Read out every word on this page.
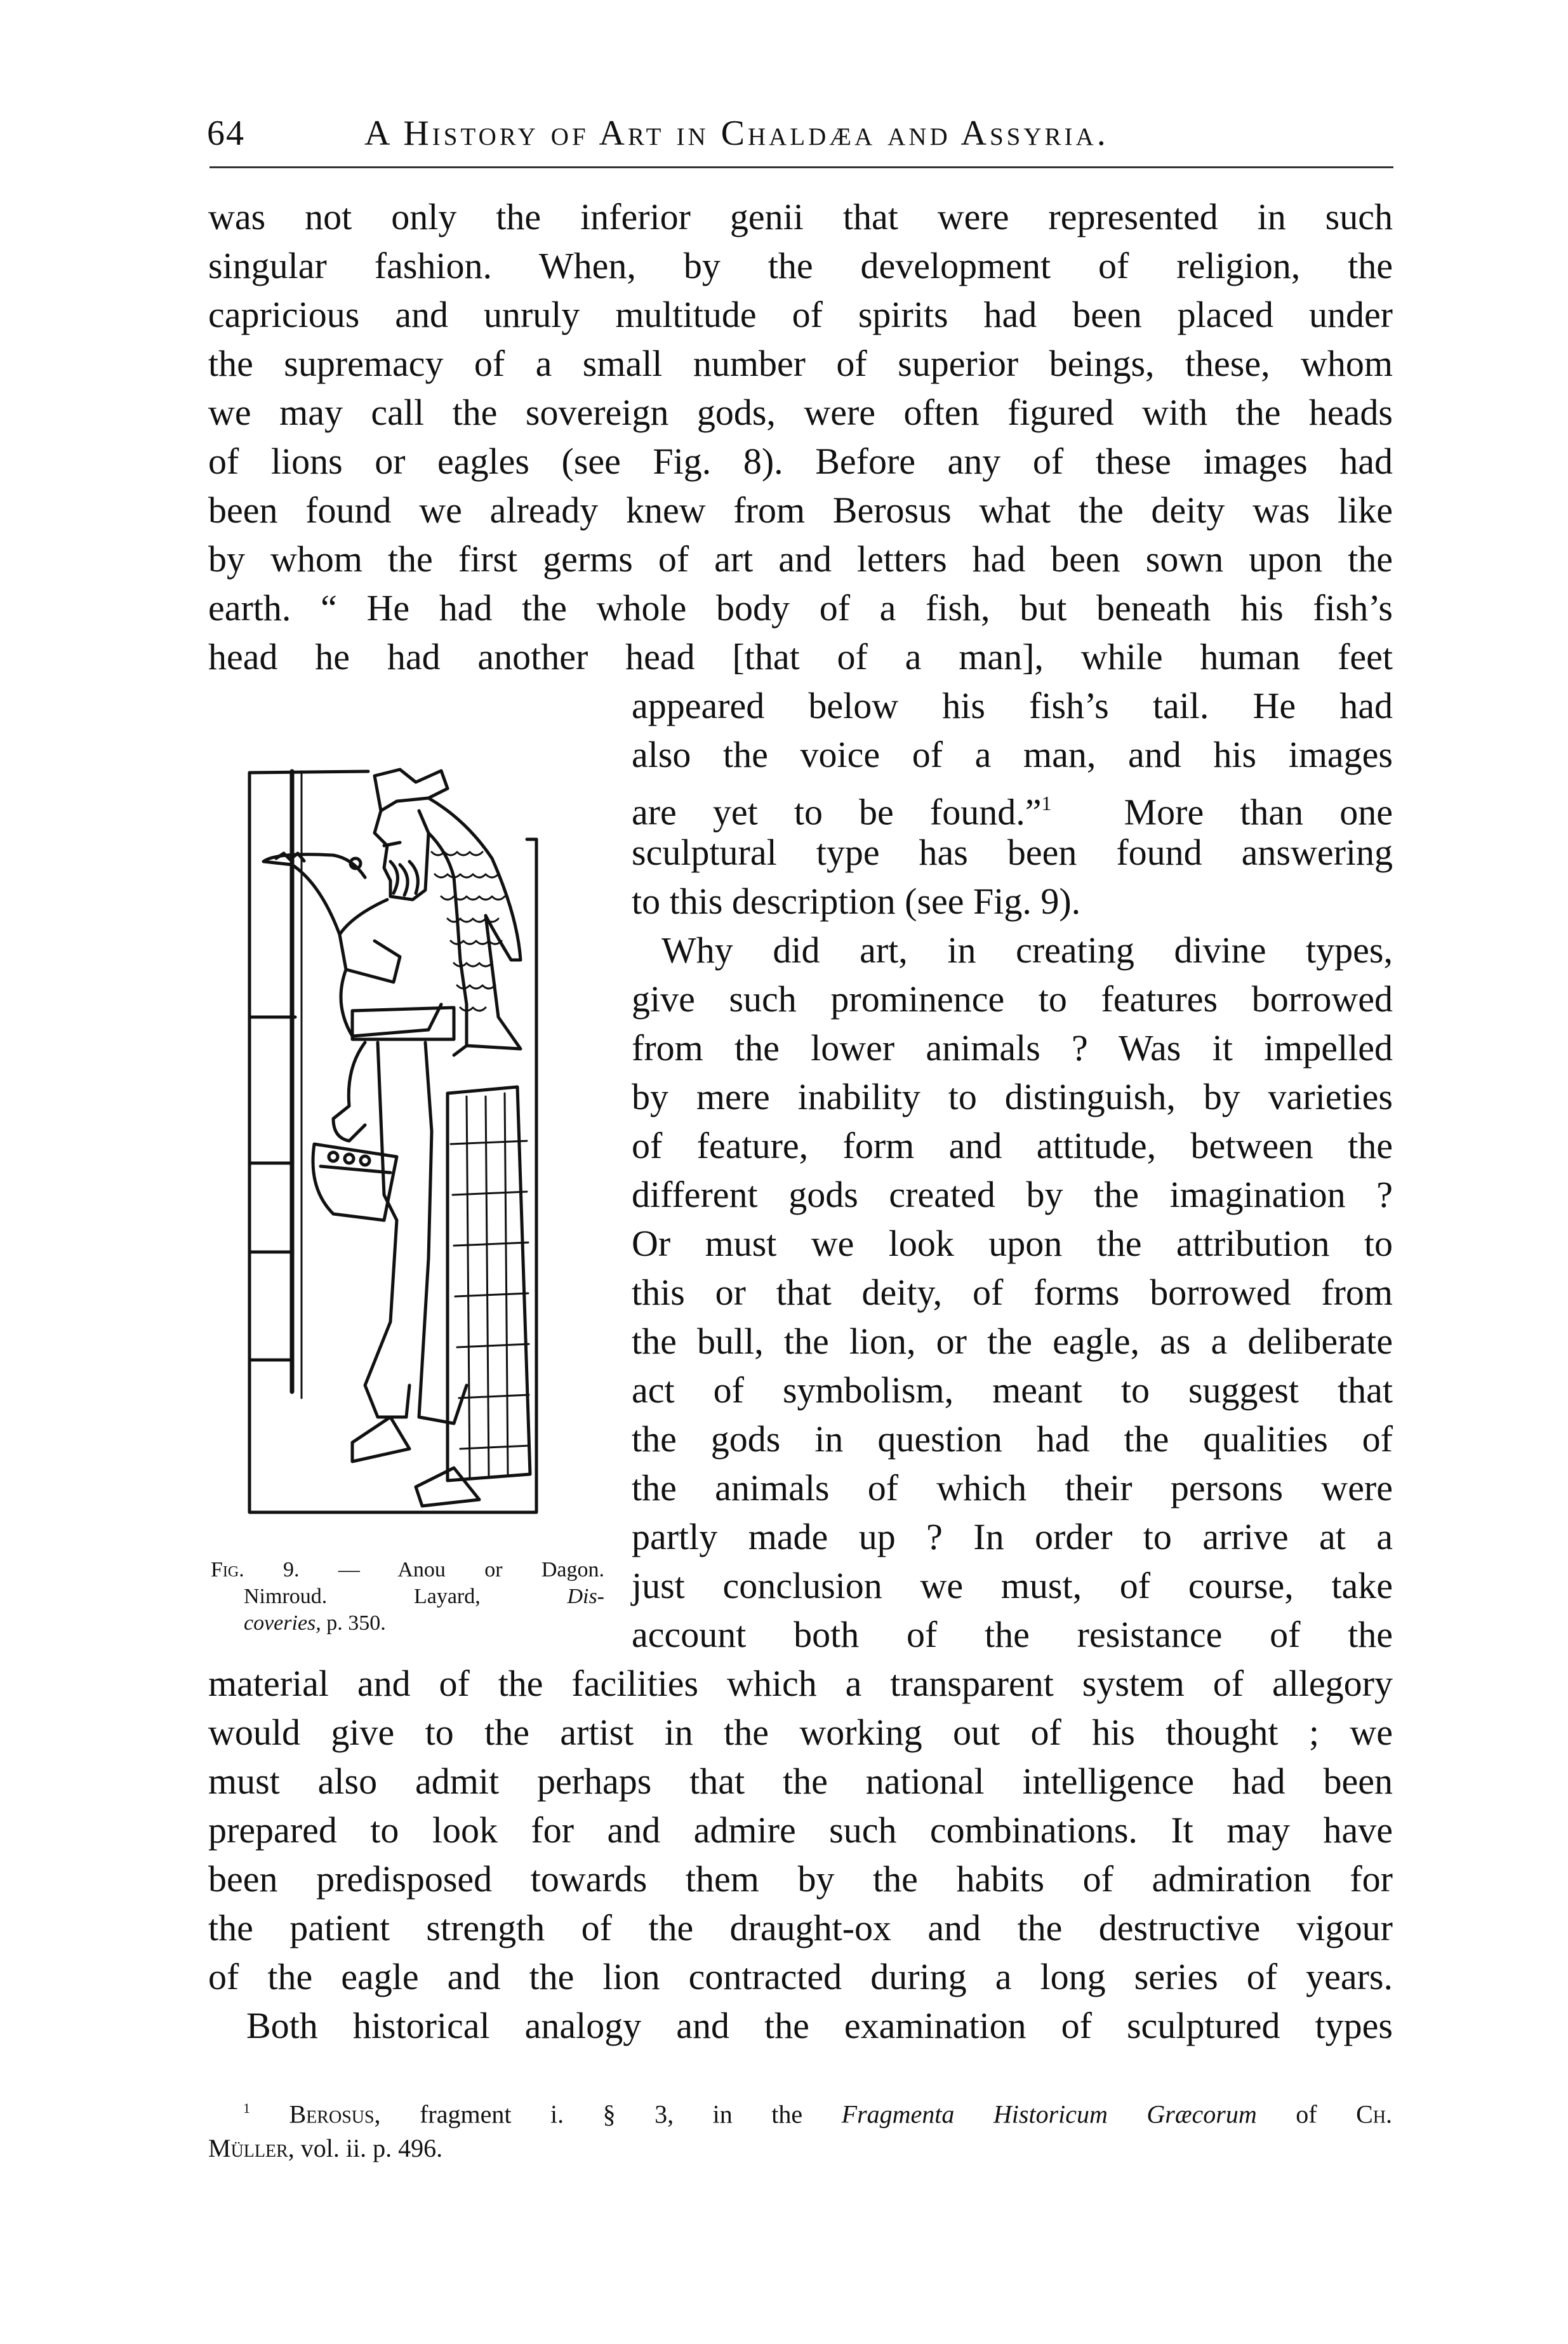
64	A History of Art in Chaldæa and Assyria.
was not only the inferior genii that were represented in such
singular fashion. When, by the development of religion, the
capricious and unruly multitude of spirits had been placed under
the supremacy of a small number of superior beings, these, whom
we may call the sovereign gods, were often figured with the heads
of lions or eagles (see Fig. 8). Before any of these images had
been found we already knew from Berosus what the deity was like
by whom the first germs of art and letters had been sown upon the
earth. “ He had the whole body of a fish, but beneath his fish’s
head he had another head [that of a man], while human feet
appeared below his fish’s tail. He had
also the voice of a man, and his images
are yet to be found.”$^1$ More than one
sculptural type has been found answering
to this description (see Fig. 9).
Why did art, in creating divine types,
give such prominence to features borrowed
from the lower animals ? Was it impelled
by mere inability to distinguish, by varieties
of feature, form and attitude, between the
different gods created by the imagination ?
Or must we look upon the attribution to
this or that deity, of forms borrowed from
the bull, the lion, or the eagle, as a deliberate
act of symbolism, meant to suggest that
the gods in question had the qualities of
the animals of which their persons were
partly made up ? In order to arrive at a
just conclusion we must, of course, take
account both of the resistance of the
Fig. 9. — Anou or Dagon.
Nimroud.	Layard,	Dis-
coveries, p. 350.
material and of the facilities which a transparent system of allegory
would give to the artist in the working out of his thought ; we
must also admit perhaps that the national intelligence had been
prepared to look for and admire such combinations. It may have
been predisposed towards them by the habits of admiration for
the patient strength of the draught-ox and the destructive vigour
of the eagle and the lion contracted during a long series of years.
Both historical analogy and the examination of sculptured types
$^1$ Berosus, fragment i. § 3, in the Fragmenta Historicum Græcorum of Ch.
Müller, vol. ii. p. 496.
